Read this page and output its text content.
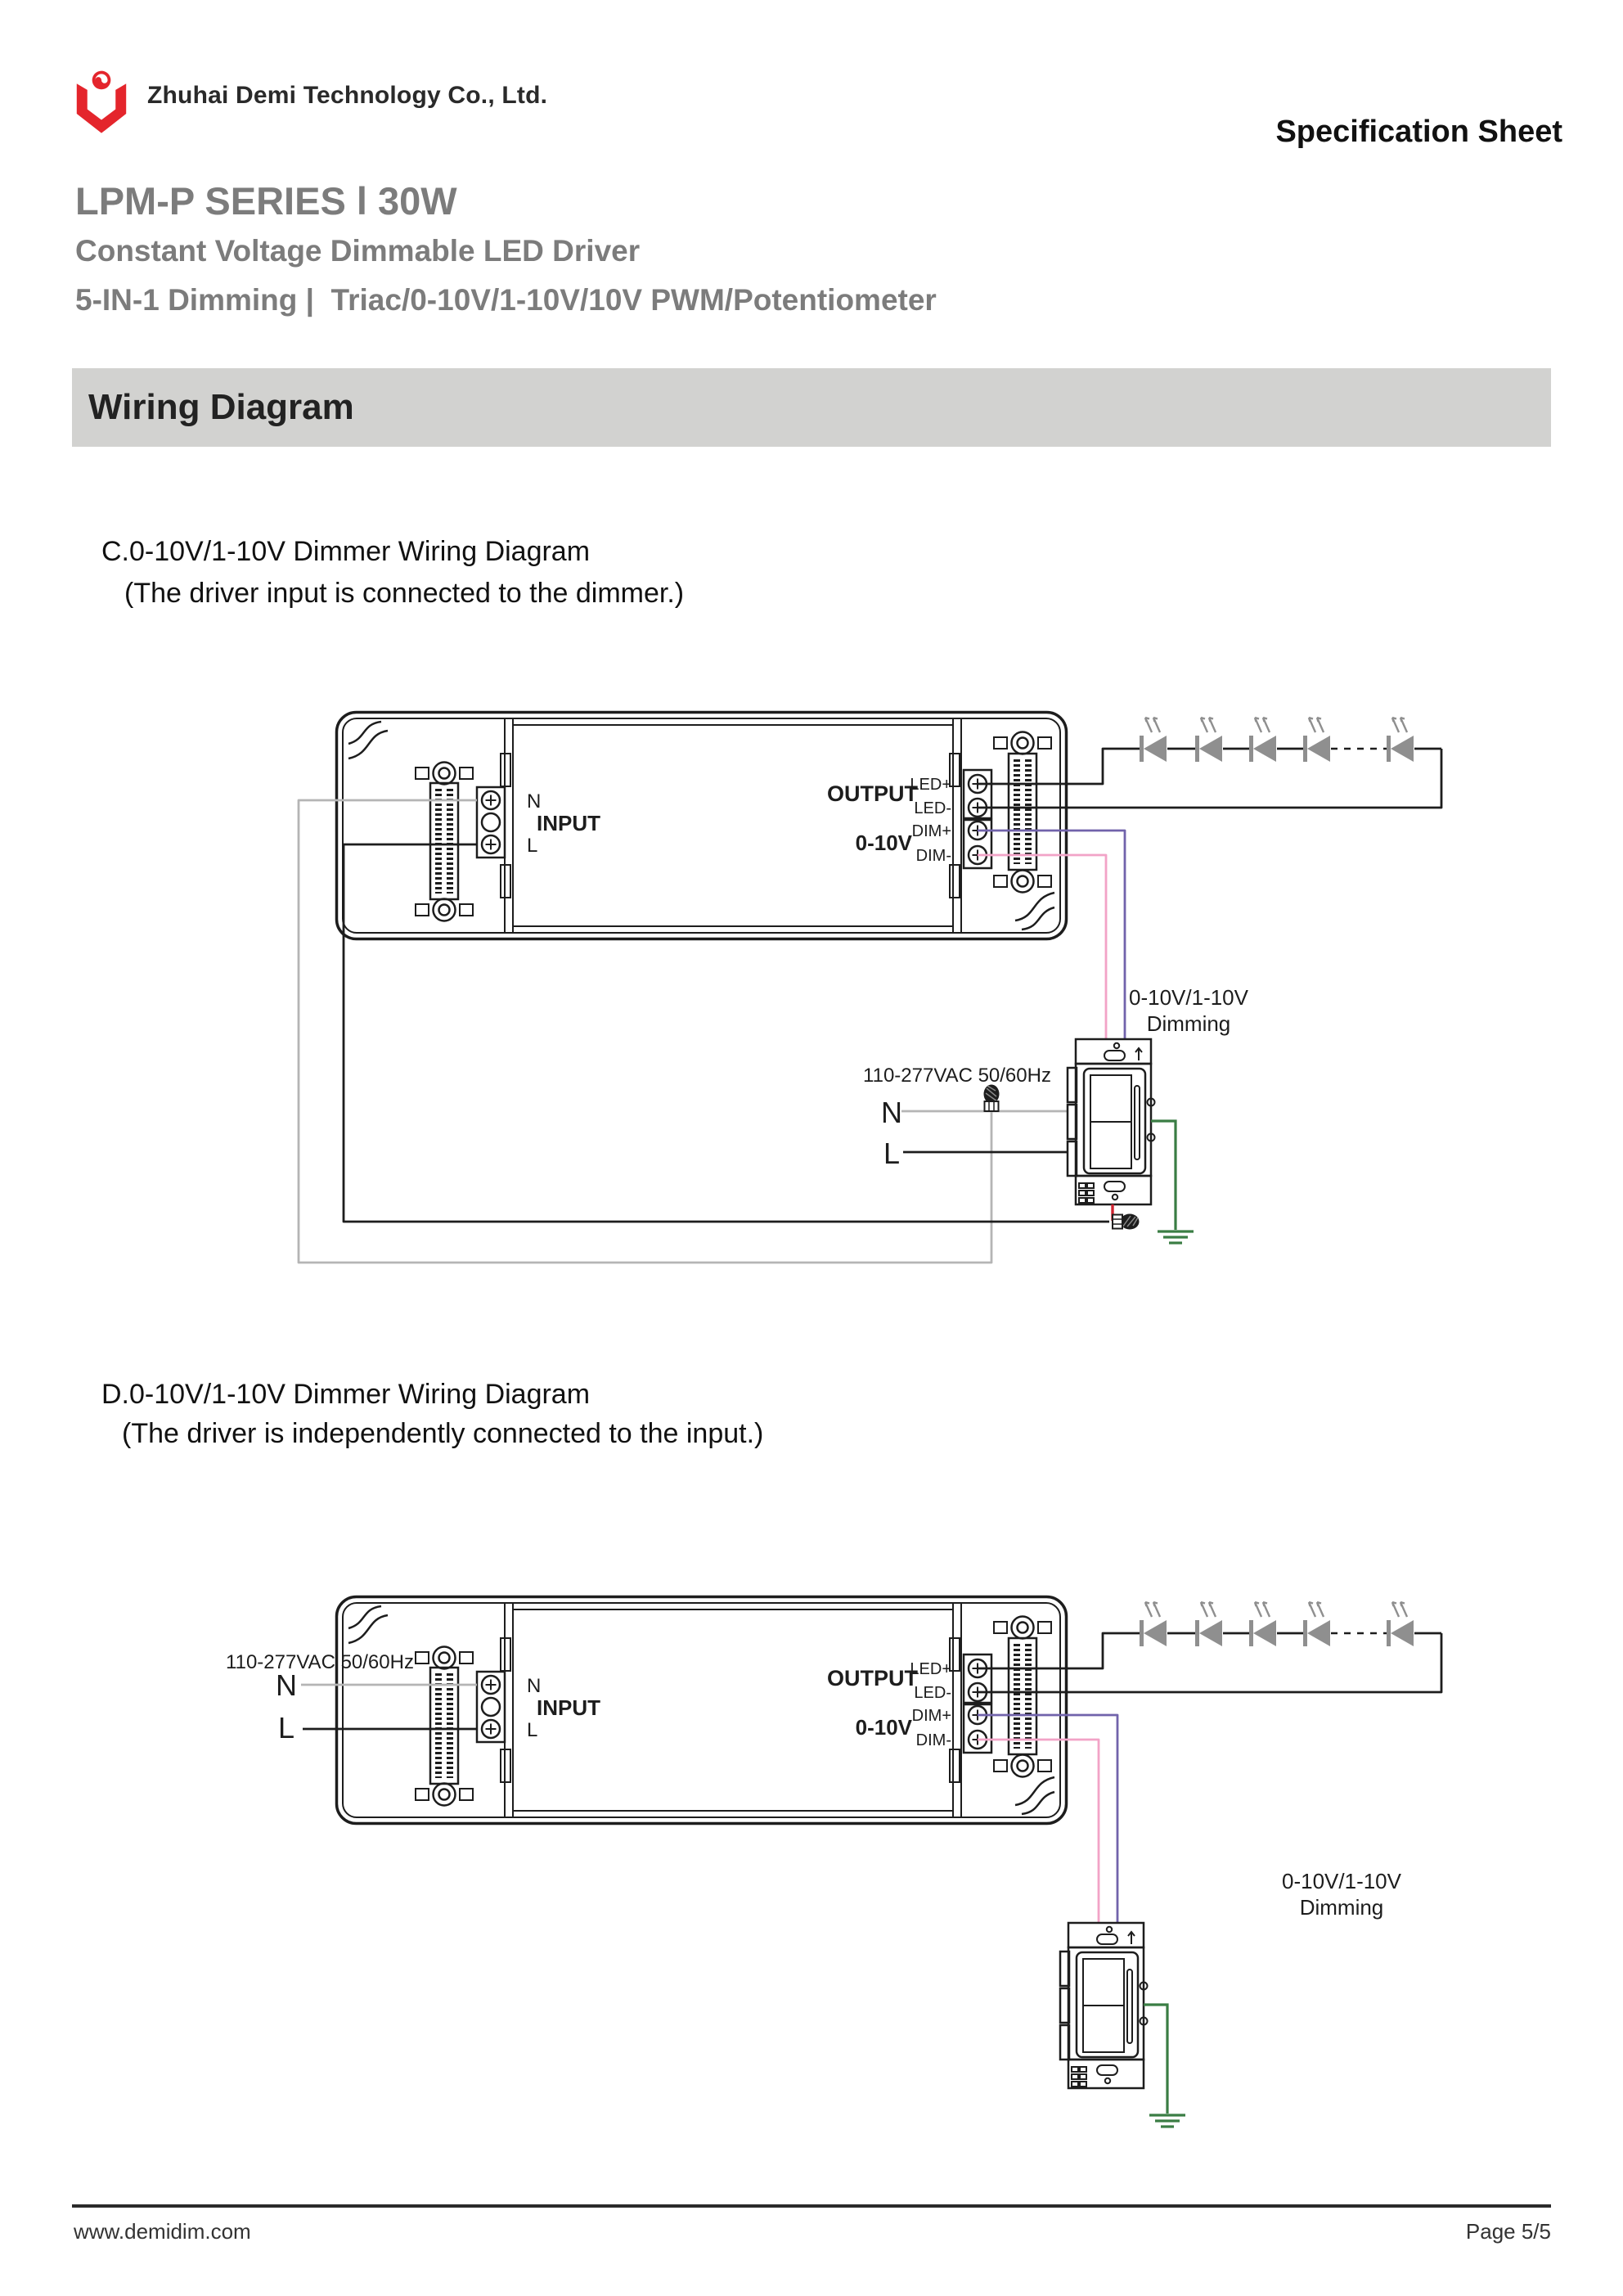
Zhuhai Demi Technology Co., Ltd.
Specification Sheet
LPM-P SERIES l 30W
Constant Voltage Dimmable LED Driver
5-IN-1 Dimming |  Triac/0-10V/1-10V/10V PWM/Potentiometer
Wiring Diagram
C.0-10V/1-10V Dimmer Wiring Diagram
(The driver input is connected to the dimmer.)
110-277VAC 50/60Hz
N
L
0-10V/1-10V
Dimming
D.0-10V/1-10V Dimmer Wiring Diagram
(The driver is independently connected to the input.)
110-277VAC 50/60Hz
N
L
0-10V/1-10V
Dimming
www.demidim.com	Page 5/5
